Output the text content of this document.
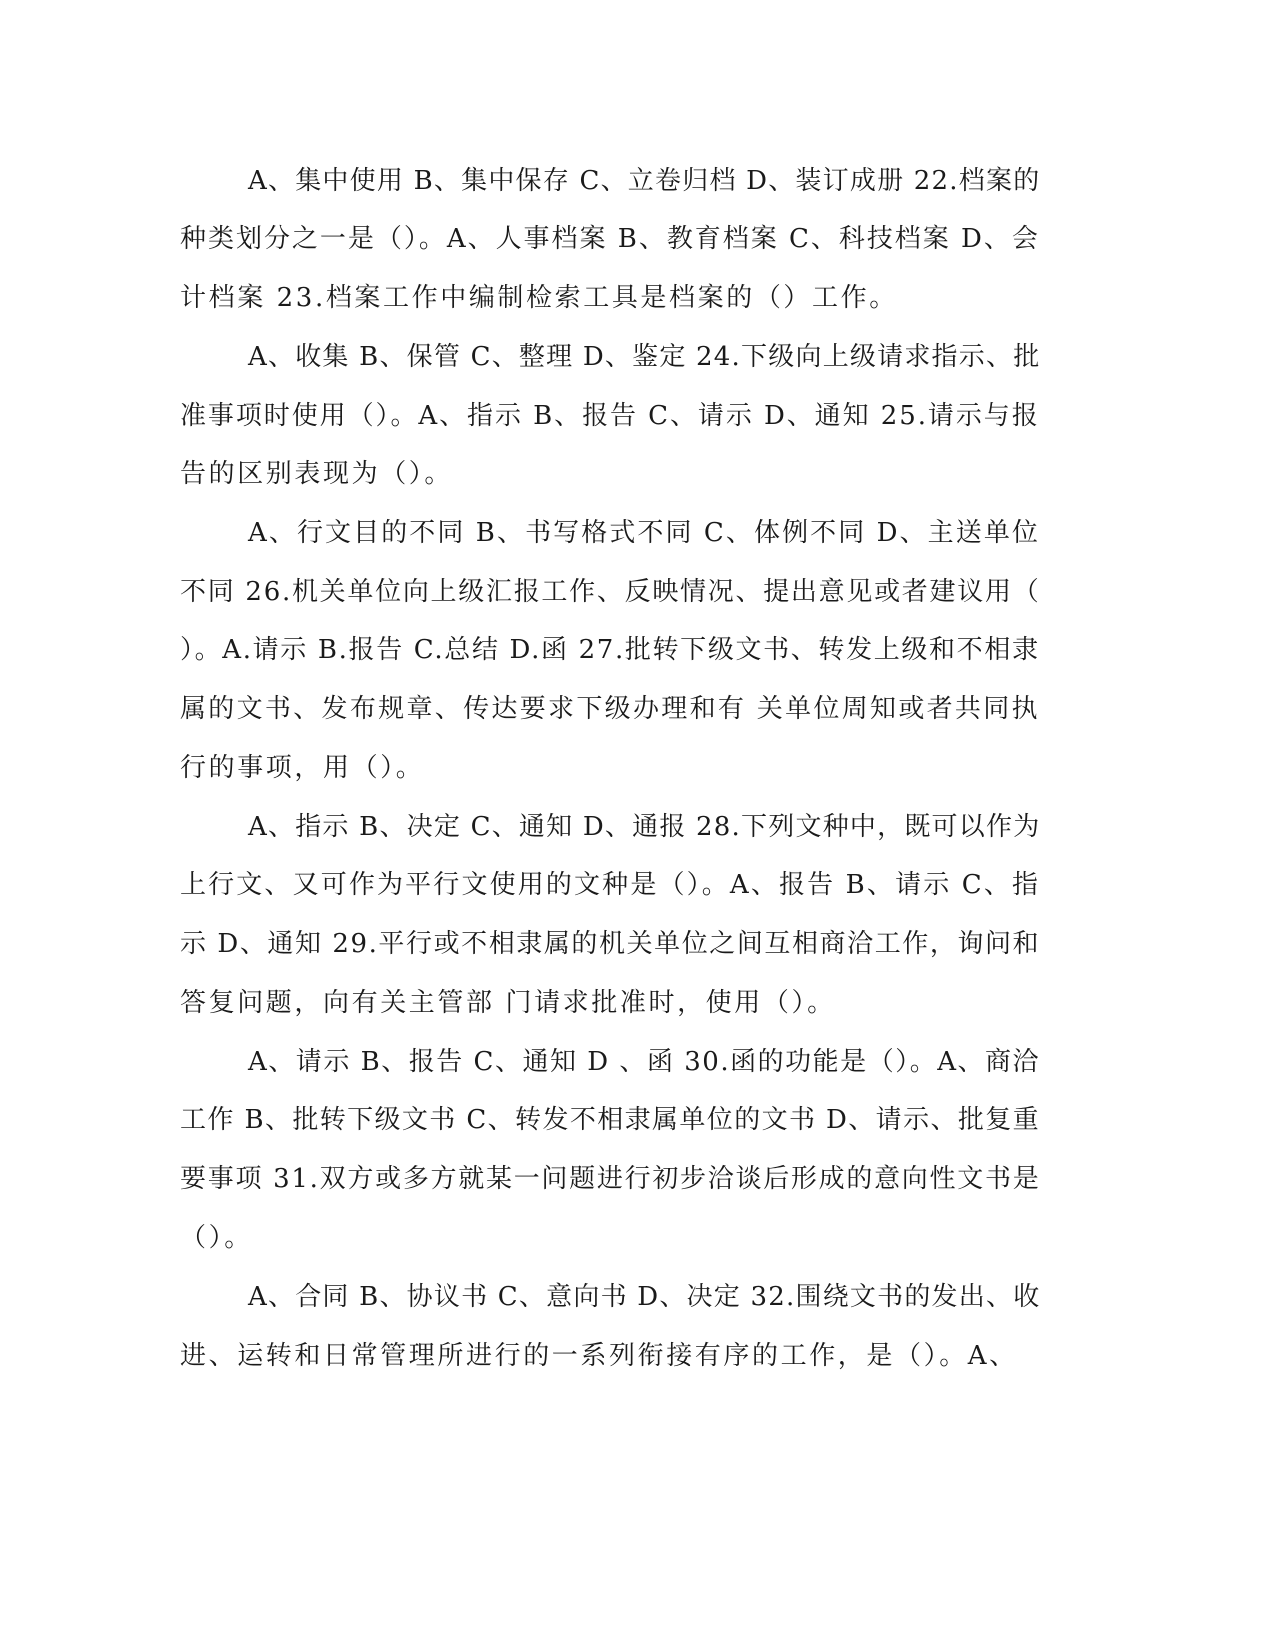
A、集中使用 B、集中保存 C、立卷归档 D、装订成册 22.档案的
种类划分之一是（）。A、人事档案 B、教育档案 C、科技档案 D、会
计档案 23.档案工作中编制检索工具是档案的（）工作。
A、收集 B、保管 C、整理 D、鉴定 24.下级向上级请求指示、批
准事项时使用（）。A、指示 B、报告 C、请示 D、通知 25.请示与报
告的区别表现为（）。
A、行文目的不同 B、书写格式不同 C、体例不同 D、主送单位
不同 26.机关单位向上级汇报工作、反映情况、提出意见或者建议用（
）。A.请示 B.报告 C.总结 D.函 27.批转下级文书、转发上级和不相隶
属的文书、发布规章、传达要求下级办理和有 关单位周知或者共同执
行的事项，用（）。
A、指示 B、决定 C、通知 D、通报 28.下列文种中，既可以作为
上行文、又可作为平行文使用的文种是（）。A、报告 B、请示 C、指
示 D、通知 29.平行或不相隶属的机关单位之间互相商洽工作，询问和
答复问题，向有关主管部 门请求批准时，使用（）。
A、请示 B、报告 C、通知 D 、函 30.函的功能是（）。A、商洽
工作 B、批转下级文书 C、转发不相隶属单位的文书 D、请示、批复重
要事项 31.双方或多方就某一问题进行初步洽谈后形成的意向性文书是
（）。
A、合同 B、协议书 C、意向书 D、决定 32.围绕文书的发出、收
进、运转和日常管理所进行的一系列衔接有序的工作，是（）。A、
